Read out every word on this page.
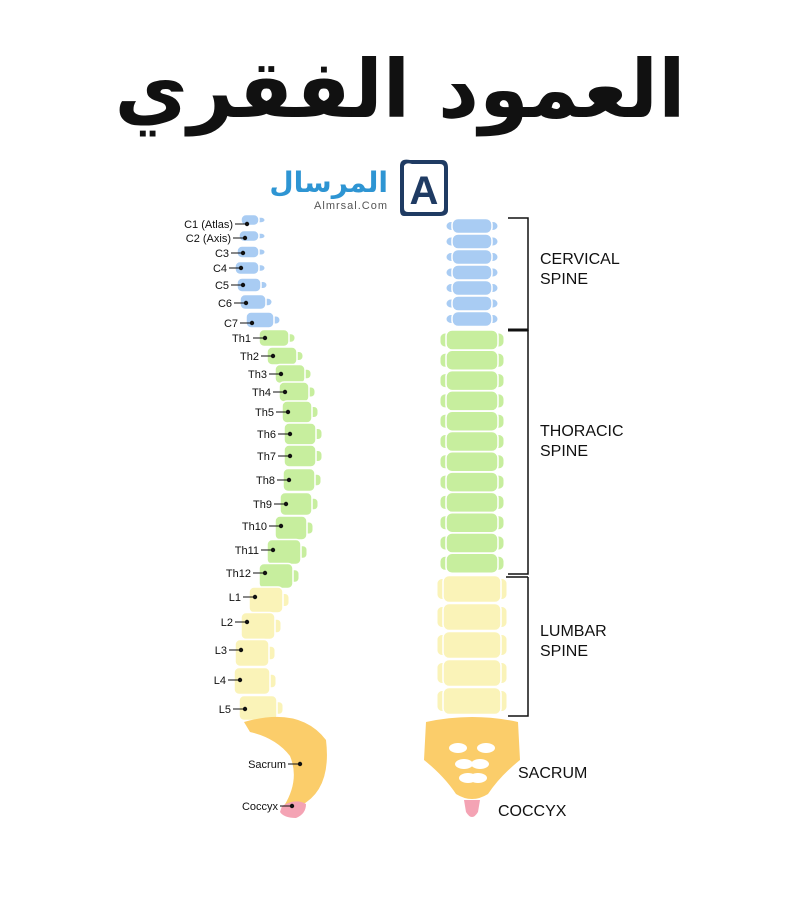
العمود الفقري
المرسال
Almrsal.Com A
C1 (Atlas)
C2 (Axis)
C3
C4
C5
C6
C7
Th1
Th2
Th3
Th4
Th5
Th6
Th7
Th8
Th9
Th10
Th11
Th12
L1
L2
L3
L4
L5
Sacrum
Coccyx
CERVICAL
SPINE
THORACIC
SPINE
LUMBAR
SPINE
SACRUM
COCCYX
